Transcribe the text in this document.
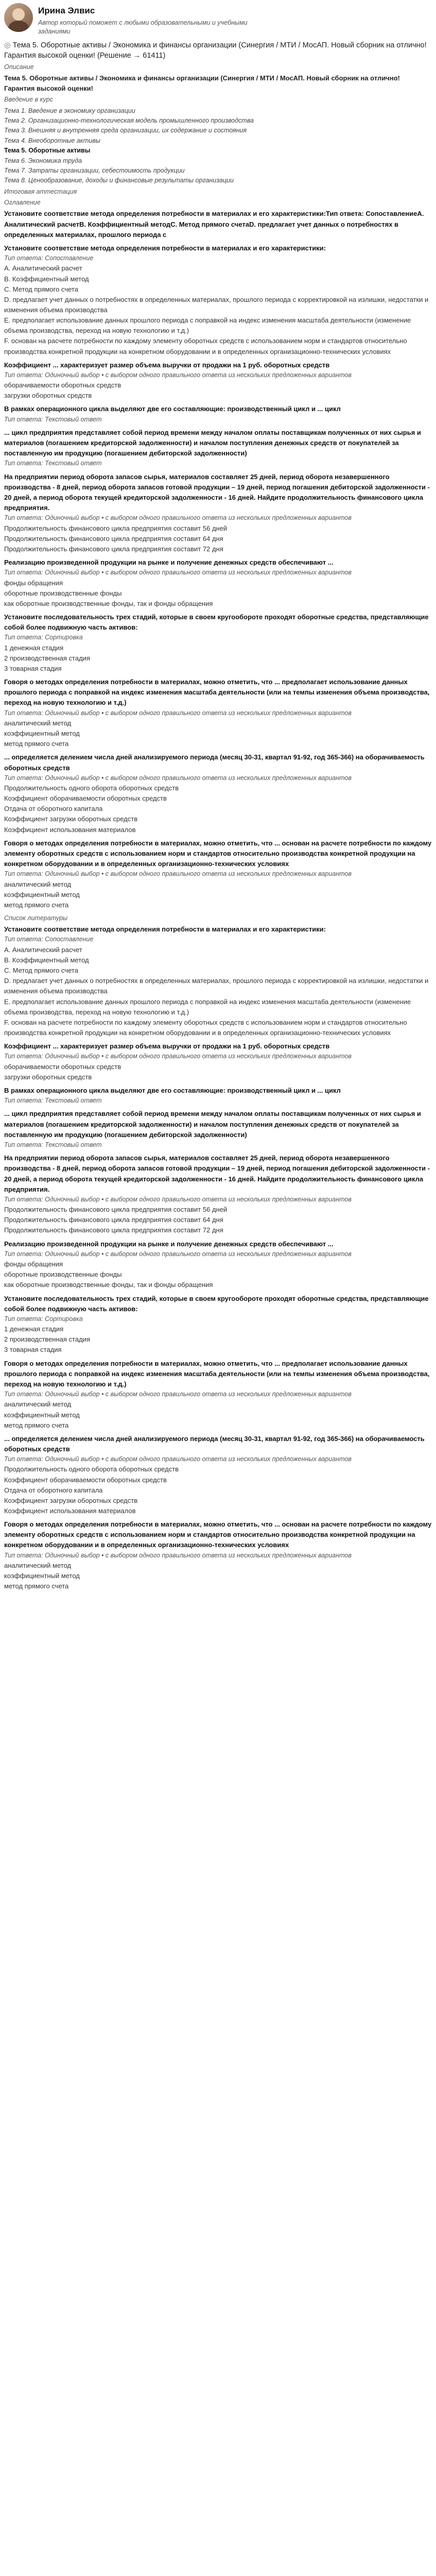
Ирина Элвис
Автор который поможет с любыми образовательными и учебными заданиями
◎ Тема 5. Оборотные активы / Экономика и финансы организации (Синергия / МТИ / МосАП. Новый сборник на отлично! Гарантия высокой оценки! (Решение → 61411)
Описание
Тема 5. Оборотные активы / Экономика и финансы организации (Синергия / МТИ / МосАП. Новый сборник на отлично! Гарантия высокой оценки!
Введение в курс
Тема 1. Введение в экономику организации
Тема 2. Организационно-технологическая модель промышленного производства
Тема 3. Внешняя и внутренняя среда организации, их содержание и состояния
Тема 4. Внеоборотные активы
Тема 5. Оборотные активы
Тема 6. Экономика труда
Тема 7. Затраты организации, себестоимость продукции
Тема 8. Ценообразование, доходы и финансовые результаты организации
Итоговая аттестация
Оглавление
Установите соответствие метода определения потребности в материалах и его характеристики:Тип ответа: СопоставлениеA. Аналитический расчетB. Коэффициентный методC. Метод прямого счетаD. предлагает учет данных о потребностях в определенных материалах, прошлого периода с
Установите соответствие метода определения потребности в материалах и его характеристики:
Тип ответа: Сопоставление
A. Аналитический расчет
B. Коэффициентный метод
C. Метод прямого счета
D. предлагает учет данных о потребностях в определенных материалах, прошлого периода с корректировкой на излишки, недостатки и изменения объема производства
E. предполагает использование данных прошлого периода с поправкой на индекс изменения масштаба деятельности (изменение объема производства, переход на новую технологию и т.д.)
F. основан на расчете потребности по каждому элементу оборотных средств с использованием норм и стандартов относительно производства конкретной продукции на конкретном оборудовании и в определенных организационно-технических условиях
Коэффициент ... характеризует размер объема выручки от продажи на 1 руб. оборотных средств
Тип ответа: Одиночный выбор • с выбором одного правильного ответа из нескольких предложенных вариантов
оборачиваемости оборотных средств
загрузки оборотных средств
В рамках операционного цикла выделяют две его составляющие: производственный цикл и ... цикл
Тип ответа: Текстовый ответ
... цикл предприятия представляет собой период времени между началом оплаты поставщикам полученных от них сырья и материалов (погашением кредиторской задолженности) и началом поступления денежных средств от покупателей за поставленную им продукцию (погашением дебиторской задолженности)
Тип ответа: Текстовый ответ
На предприятии период оборота запасов сырья, материалов составляет 25 дней, период оборота незавершенного производства - 8 дней, период оборота запасов готовой продукции – 19 дней, период погашения дебиторской задолженности - 20 дней, а период оборота текущей кредиторской задолженности - 16 дней. Найдите продолжительность финансового цикла предприятия.
Тип ответа: Одиночный выбор • с выбором одного правильного ответа из нескольких предложенных вариантов
Продолжительность финансового цикла предприятия составит 56 дней
Продолжительность финансового цикла предприятия составит 64 дня
Продолжительность финансового цикла предприятия составит 72 дня
Реализацию произведенной продукции на рынке и получение денежных средств обеспечивают ...
Тип ответа: Одиночный выбор • с выбором одного правильного ответа из нескольких предложенных вариантов
фонды обращения
оборотные производственные фонды
как оборотные производственные фонды, так и фонды обращения
Установите последовательность трех стадий, которые в своем кругообороте проходят оборотные средства, представляющие собой более подвижную часть активов:
Тип ответа: Сортировка
1 денежная стадия
2 производственная стадия
3 товарная стадия
Говоря о методах определения потребности в материалах, можно отметить, что ... предполагает использование данных прошлого периода с поправкой на индекс изменения масштаба деятельности (или на темпы изменения объема производства, переход на новую технологию и т.д.)
Тип ответа: Одиночный выбор • с выбором одного правильного ответа из нескольких предложенных вариантов
аналитический метод
коэффициентный метод
метод прямого счета
... определяется делением числа дней анализируемого периода (месяц 30-31, квартал 91-92, год 365-366) на оборачиваемость оборотных средств
Тип ответа: Одиночный выбор • с выбором одного правильного ответа из нескольких предложенных вариантов
Продолжительность одного оборота оборотных средств
Коэффициент оборачиваемости оборотных средств
Отдача от оборотного капитала
Коэффициент загрузки оборотных средств
Коэффициент использования материалов
Говоря о методах определения потребности в материалах, можно отметить, что ... основан на расчете потребности по каждому элементу оборотных средств с использованием норм и стандартов относительно производства конкретной продукции на конкретном оборудовании и в определенных организационно-технических условиях
Тип ответа: Одиночный выбор • с выбором одного правильного ответа из нескольких предложенных вариантов
аналитический метод
коэффициентный метод
метод прямого счета
Список литературы
Установите соответствие метода определения потребности в материалах и его характеристики:
Тип ответа: Сопоставление
A. Аналитический расчет
B. Коэффициентный метод
C. Метод прямого счета
D. предлагает учет данных о потребностях в определенных материалах, прошлого периода с корректировкой на излишки, недостатки и изменения объема производства
E. предполагает использование данных прошлого периода с поправкой на индекс изменения масштаба деятельности (изменение объема производства, переход на новую технологию и т.д.)
F. основан на расчете потребности по каждому элементу оборотных средств с использованием норм и стандартов относительно производства конкретной продукции на конкретном оборудовании и в определенных организационно-технических условиях
Коэффициент ... характеризует размер объема выручки от продажи на 1 руб. оборотных средств
Тип ответа: Одиночный выбор • с выбором одного правильного ответа из нескольких предложенных вариантов
оборачиваемости оборотных средств
загрузки оборотных средств
В рамках операционного цикла выделяют две его составляющие: производственный цикл и ... цикл
Тип ответа: Текстовый ответ
... цикл предприятия представляет собой период времени между началом оплаты поставщикам полученных от них сырья и материалов (погашением кредиторской задолженности) и началом поступления денежных средств от покупателей за поставленную им продукцию (погашением дебиторской задолженности)
Тип ответа: Текстовый ответ
На предприятии период оборота запасов сырья, материалов составляет 25 дней, период оборота незавершенного производства - 8 дней, период оборота запасов готовой продукции – 19 дней, период погашения дебиторской задолженности - 20 дней, а период оборота текущей кредиторской задолженности - 16 дней. Найдите продолжительность финансового цикла предприятия.
Тип ответа: Одиночный выбор • с выбором одного правильного ответа из нескольких предложенных вариантов
Продолжительность финансового цикла предприятия составит 56 дней
Продолжительность финансового цикла предприятия составит 64 дня
Продолжительность финансового цикла предприятия составит 72 дня
Реализацию произведенной продукции на рынке и получение денежных средств обеспечивают ...
Тип ответа: Одиночный выбор • с выбором одного правильного ответа из нескольких предложенных вариантов
фонды обращения
оборотные производственные фонды
как оборотные производственные фонды, так и фонды обращения
Установите последовательность трех стадий, которые в своем кругообороте проходят оборотные средства, представляющие собой более подвижную часть активов:
Тип ответа: Сортировка
1 денежная стадия
2 производственная стадия
3 товарная стадия
Говоря о методах определения потребности в материалах, можно отметить, что ... предполагает использование данных прошлого периода с поправкой на индекс изменения масштаба деятельности (или на темпы изменения объема производства, переход на новую технологию и т.д.)
Тип ответа: Одиночный выбор • с выбором одного правильного ответа из нескольких предложенных вариантов
аналитический метод
коэффициентный метод
метод прямого счета
... определяется делением числа дней анализируемого периода (месяц 30-31, квартал 91-92, год 365-366) на оборачиваемость оборотных средств
Тип ответа: Одиночный выбор • с выбором одного правильного ответа из нескольких предложенных вариантов
Продолжительность одного оборота оборотных средств
Коэффициент оборачиваемости оборотных средств
Отдача от оборотного капитала
Коэффициент загрузки оборотных средств
Коэффициент использования материалов
Говоря о методах определения потребности в материалах, можно отметить, что ... основан на расчете потребности по каждому элементу оборотных средств с использованием норм и стандартов относительно производства конкретной продукции на конкретном оборудовании и в определенных организационно-технических условиях
Тип ответа: Одиночный выбор • с выбором одного правильного ответа из нескольких предложенных вариантов
аналитический метод
коэффициентный метод
метод прямого счета
